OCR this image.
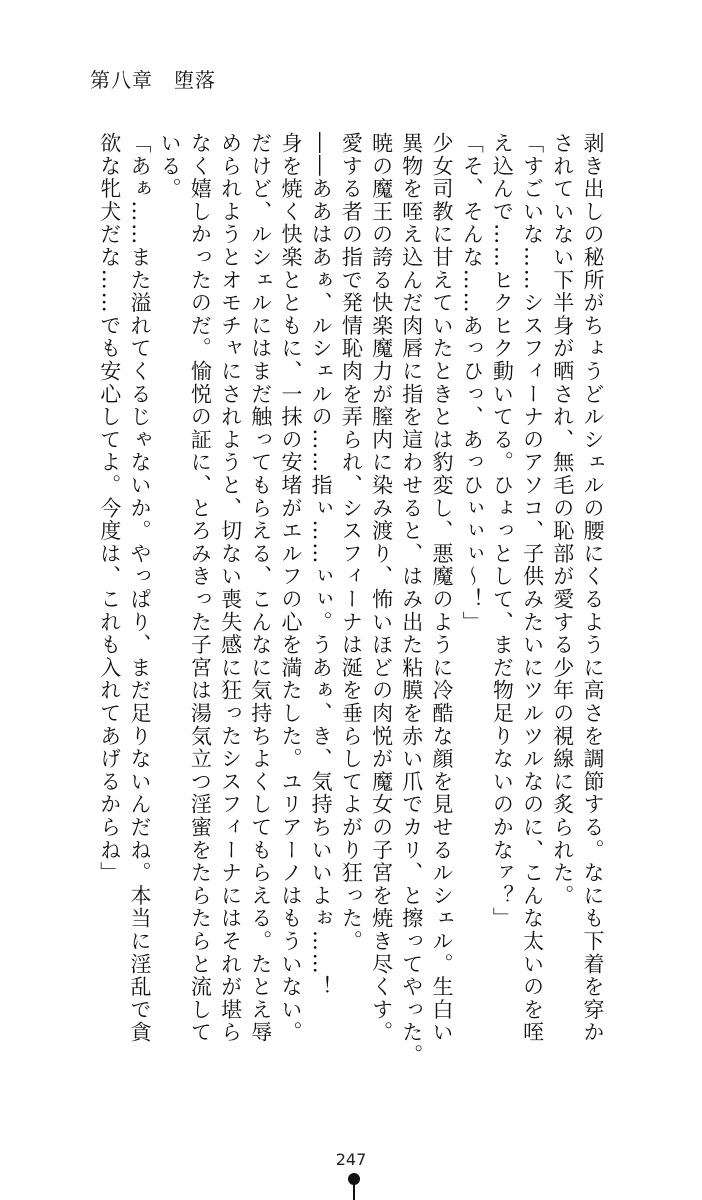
第八章　堕落
剥き出しの秘所がちょうどルシェルの腰にくるように高さを調節する。なにも下着を穿か
されていない下半身が晒され、無毛の恥部が愛する少年の視線に炙られた。
「すごいな……シスフィーナのアソコ、子供みたいにツルツルなのに、こんな太いのを咥
え込んで……ヒクヒク動いてる。ひょっとして、まだ物足りないのかなァ？」
「そ、そんな……あっひっ、あっひぃぃぃ〜！」
少女司教に甘えていたときとは豹変し、悪魔のように冷酷な顔を見せるルシェル。生白い
異物を咥え込んだ肉唇に指を這わせると、はみ出た粘膜を赤い爪でカリ、と擦ってやった。
暁の魔王の誇る快楽魔力が膣内に染み渡り、怖いほどの肉悦が魔女の子宮を焼き尽くす。
愛する者の指で発情恥肉を弄られ、シスフィーナは涎を垂らしてよがり狂った。
――ああはあぁ、ルシェルの……指ぃ……ぃぃ。うあぁ、き、気持ちいいよぉ……！
身を焼く快楽とともに、一抹の安堵がエルフの心を満たした。ユリアーノはもういない。
だけど、ルシェルにはまだ触ってもらえる、こんなに気持ちよくしてもらえる。たとえ辱
められようとオモチャにされようと、切ない喪失感に狂ったシスフィーナにはそれが堪ら
なく嬉しかったのだ。愉悦の証に、とろみきった子宮は湯気立つ淫蜜をたらたらと流して
いる。
「あぁ……また溢れてくるじゃないか。やっぱり、まだ足りないんだね。本当に淫乱で貪
欲な牝犬だな……でも安心してよ。今度は、これも入れてあげるからね」
247
